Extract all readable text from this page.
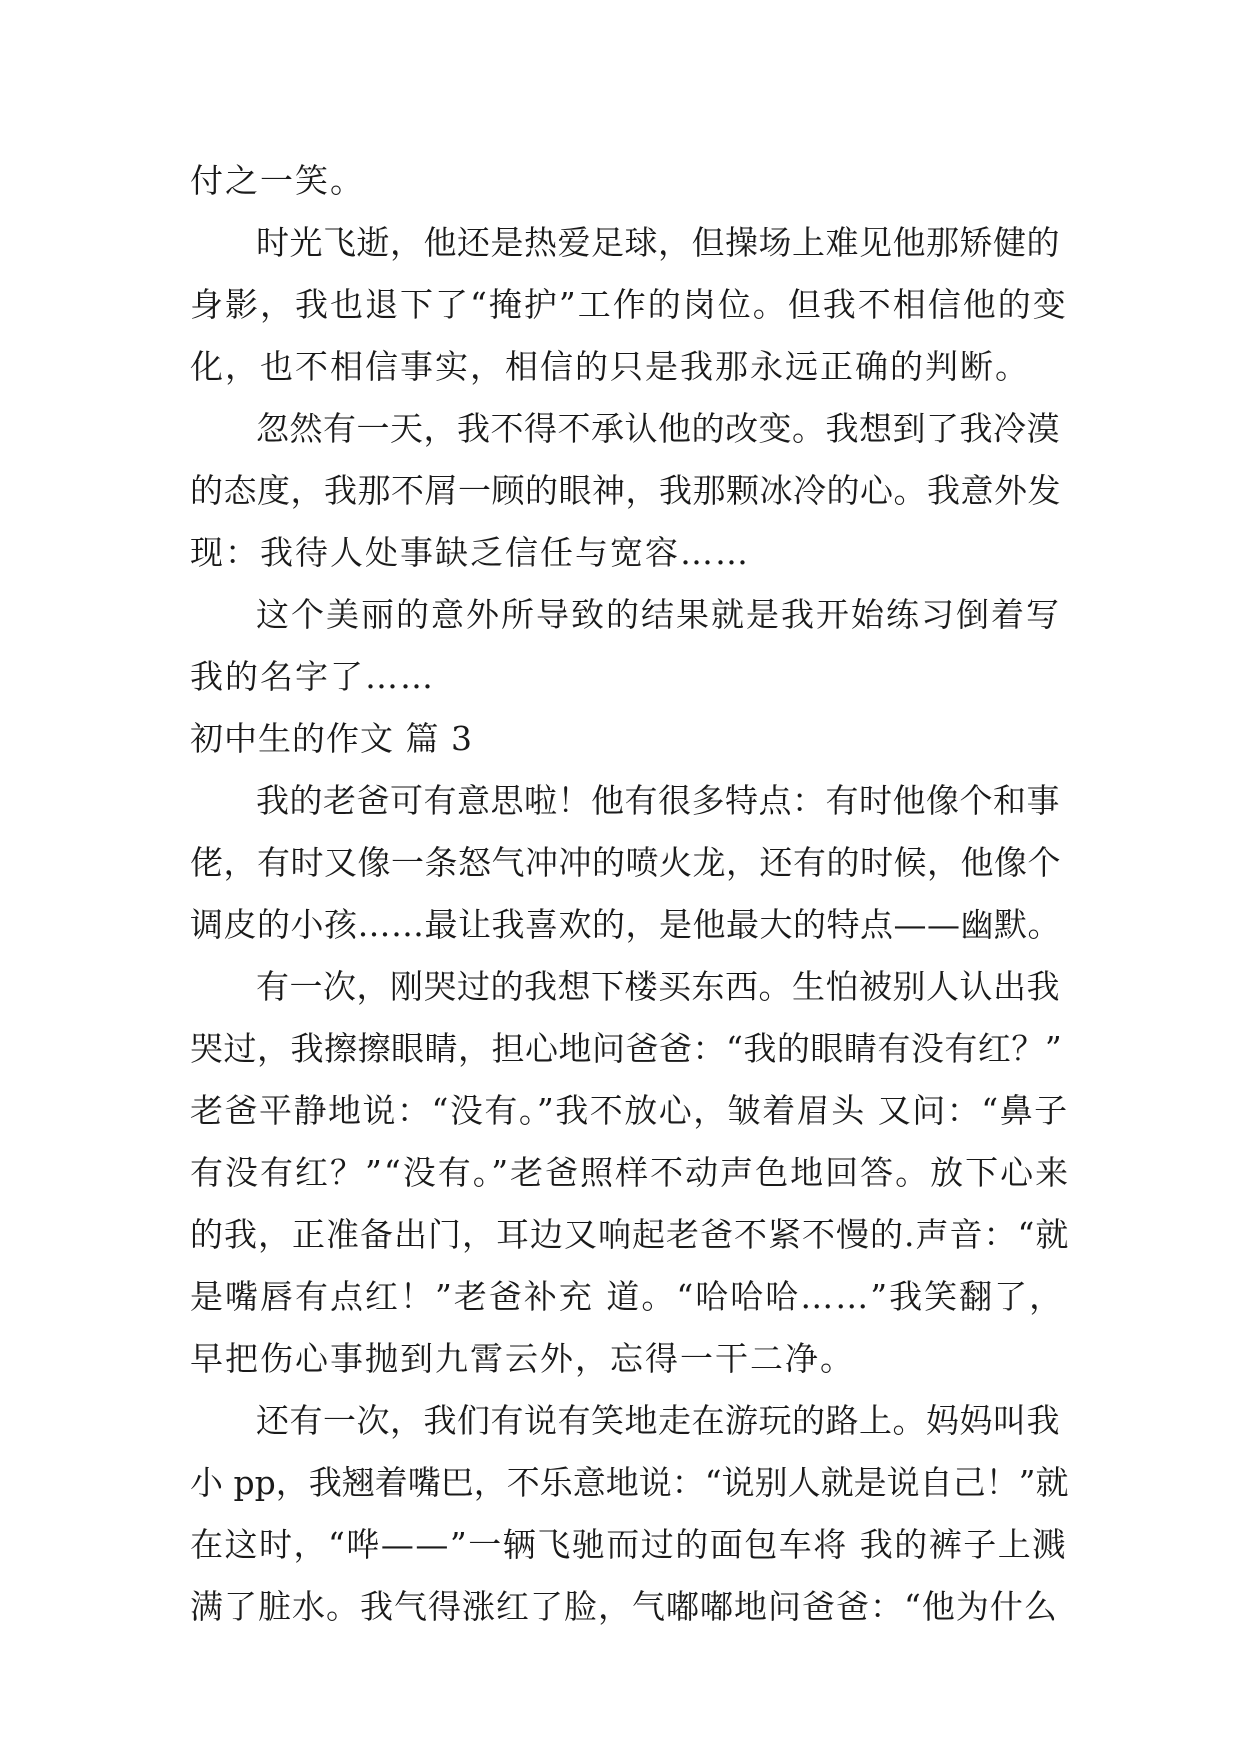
付之一笑。
时光飞逝，他还是热爱足球，但操场上难见他那矫健的
身影，我也退下了“掩护”工作的岗位。但我不相信他的变
化，也不相信事实，相信的只是我那永远正确的判断。
忽然有一天，我不得不承认他的改变。我想到了我冷漠
的态度，我那不屑一顾的眼神，我那颗冰冷的心。我意外发
现：我待人处事缺乏信任与宽容……
这个美丽的意外所导致的结果就是我开始练习倒着写
我的名字了……
初中生的作文 篇 3
我的老爸可有意思啦！他有很多特点：有时他像个和事
佬，有时又像一条怒气冲冲的喷火龙，还有的时候，他像个
调皮的小孩……最让我喜欢的，是他最大的特点——幽默。
有一次，刚哭过的我想下楼买东西。生怕被别人认出我
哭过，我擦擦眼睛，担心地问爸爸：“我的眼睛有没有红？”
老爸平静地说：“没有。”我不放心，皱着眉头 又问：“鼻子
有没有红？”“没有。”老爸照样不动声色地回答。放下心来
的我，正准备出门，耳边又响起老爸不紧不慢的.声音：“就
是嘴唇有点红！”老爸补充 道。“哈哈哈……”我笑翻了，
早把伤心事抛到九霄云外，忘得一干二净。
还有一次，我们有说有笑地走在游玩的路上。妈妈叫我
小 pp，我翘着嘴巴，不乐意地说：“说别人就是说自己！”就
在这时，“哗——”一辆飞驰而过的面包车将 我的裤子上溅
满了脏水。我气得涨红了脸，气嘟嘟地问爸爸：“他为什么
